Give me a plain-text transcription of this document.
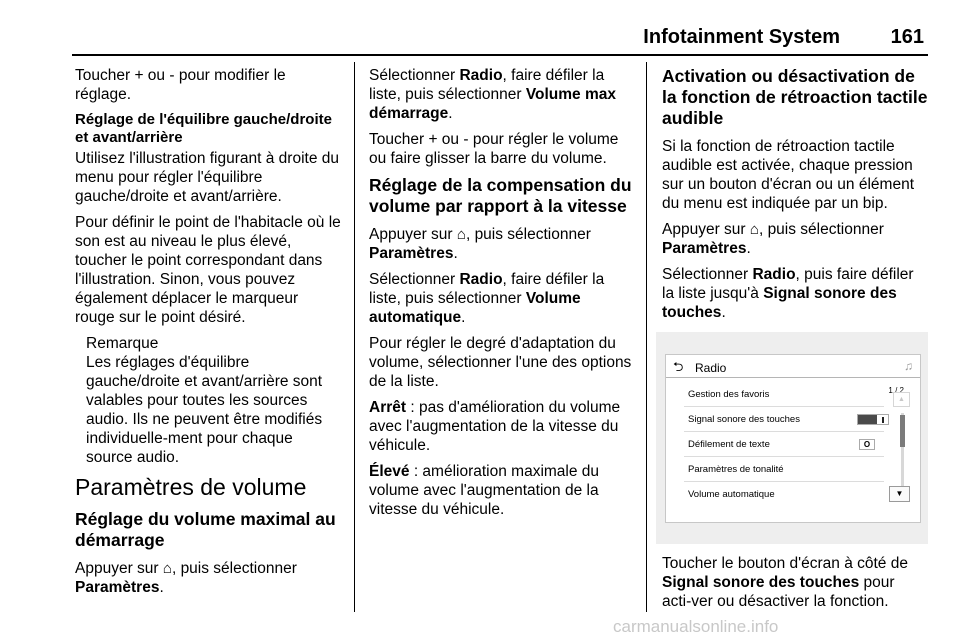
Infotainment System	161

Toucher + ou - pour modifier le réglage.

Réglage de l'équilibre gauche/droite et avant/arrière

Utilisez l'illustration figurant à droite du menu pour régler l'équilibre gauche/droite et avant/arrière.

Pour définir le point de l'habitacle où le son est au niveau le plus élevé, toucher le point correspondant dans l'illustration. Sinon, vous pouvez également déplacer le marqueur rouge sur le point désiré.

Remarque
Les réglages d'équilibre gauche/droite et avant/arrière sont valables pour toutes les sources audio. Ils ne peuvent être modifiés individuelle-ment pour chaque source audio.
Paramètres de volume
Réglage du volume maximal au démarrage

Appuyer sur ⌂, puis sélectionner Paramètres.

Sélectionner Radio, faire défiler la liste, puis sélectionner Volume max démarrage.

Toucher + ou - pour régler le volume ou faire glisser la barre du volume.

Réglage de la compensation du volume par rapport à la vitesse

Appuyer sur ⌂, puis sélectionner Paramètres.

Sélectionner Radio, faire défiler la liste, puis sélectionner Volume automatique.

Pour régler le degré d'adaptation du volume, sélectionner l'une des options de la liste.

Arrêt : pas d'amélioration du volume avec l'augmentation de la vitesse du véhicule.

Élevé : amélioration maximale du volume avec l'augmentation de la vitesse du véhicule.

Activation ou désactivation de la fonction de rétroaction tactile audible

Si la fonction de rétroaction tactile audible est activée, chaque pression sur un bouton d'écran ou un élément du menu est indiquée par un bip.

Appuyer sur ⌂, puis sélectionner Paramètres.

Sélectionner Radio, puis faire défiler la liste jusqu'à Signal sonore des touches.

⮌ Radio	♫
1 / 2
▲
▼
Gestion des favoris
Signal sonore des touches
Défilement de texte	O
Paramètres de tonalité
Volume automatique

Toucher le bouton d'écran à côté de Signal sonore des touches pour acti-ver ou désactiver la fonction.

carmanualsonline.info
